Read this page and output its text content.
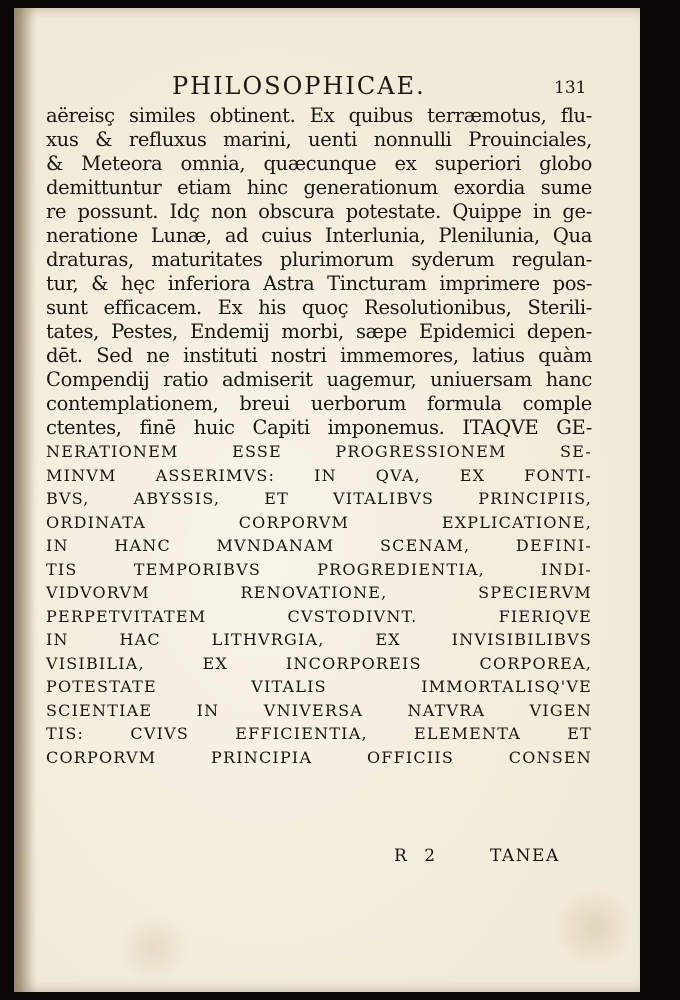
PHILOSOPHICAE.	131
aëreisç similes obtinent. Ex quibus terræmotus, flu-
xus & refluxus marini, uenti nonnulli Prouinciales,
& Meteora omnia, quæcunque ex superiori globo
demittuntur etiam hinc generationum exordia sume
re possunt. Idç non obscura potestate. Quippe in ge-
neratione Lunæ, ad cuius Interlunia, Plenilunia, Qua
draturas, maturitates plurimorum syderum regulan-
tur, & hęc inferiora Astra Tincturam imprimere pos-
sunt efficacem. Ex his quoç Resolutionibus, Sterili-
tates, Pestes, Endemij morbi, sæpe Epidemici depen-
dēt. Sed ne instituti nostri immemores, latius quàm
Compendij ratio admiserit uagemur, uniuersam hanc
contemplationem, breui uerborum formula comple
ctentes, finē huic Capiti imponemus. ITAQVE GE-
NERATIONEM ESSE PROGRESSIONEM SE-
MINVM ASSERIMVS: IN QVA, EX FONTI-
BVS, ABYSSIS, ET VITALIBVS PRINCIPIIS,
ORDINATA CORPORVM EXPLICATIONE,
IN HANC MVNDANAM SCENAM, DEFINI-
TIS TEMPORIBVS PROGREDIENTIA, INDI-
VIDVORVM RENOVATIONE, SPECIERVM
PERPETVITATEM CVSTODIVNT. FIERIQVE
IN HAC LITHVRGIA, EX INVISIBILIBVS
VISIBILIA, EX INCORPOREIS CORPOREA,
POTESTATE VITALIS IMMORTALISQ'VE
SCIENTIAE IN VNIVERSA NATVRA VIGEN
TIS: CVIVS EFFICIENTIA, ELEMENTA ET
CORPORVM PRINCIPIA OFFICIIS CONSEN
R 2	TANEA
